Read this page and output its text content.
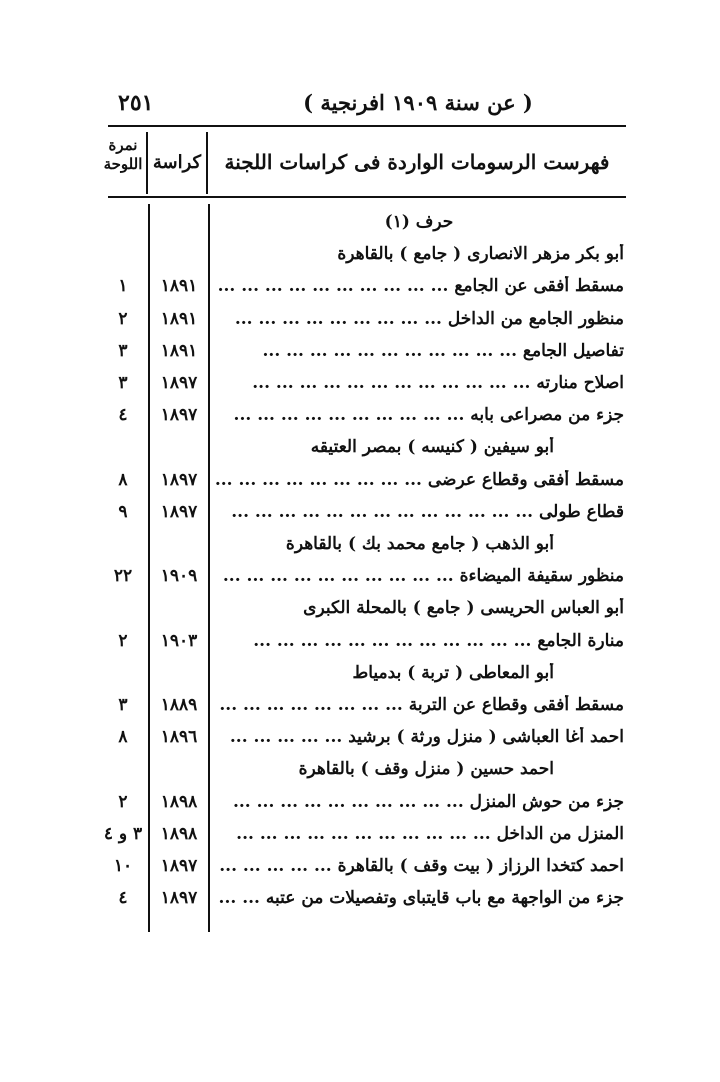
٢٥١	( عن سنة ١٩٠٩ افرنجية )
نمرة اللوحة كراسة	فهرست الرسومات الواردة فى كراسات اللجنة
حرف (١)
أبو بكر مزهر الانصارى ( جامع ) بالقاهرة
مسقط أفقى عن الجامع ... ... ... ... ... ... ... ... ... ...
١٨٩١
١
منظور الجامع من الداخل ... ... ... ... ... ... ... ... ...
١٨٩١
٢
تفاصيل الجامع ... ... ... ... ... ... ... ... ... ... ...
١٨٩١
٣
اصلاح منارته ... ... ... ... ... ... ... ... ... ... ... ...
١٨٩٧
٣
جزء من مصراعى بابه ... ... ... ... ... ... ... ... ... ...
١٨٩٧
٤
أبو سيفين ( كنيسه ) بمصر العتيقه
مسقط أفقى وقطاع عرضى ... ... ... ... ... ... ... ... ...
١٨٩٧
٨
قطاع طولى ... ... ... ... ... ... ... ... ... ... ... ... ...
١٨٩٧
٩
أبو الذهب ( جامع محمد بك ) بالقاهرة
منظور سقيفة الميضاءة ... ... ... ... ... ... ... ... ... ...
١٩٠٩
٢٢
أبو العباس الحريسى ( جامع ) بالمحلة الكبرى
منارة الجامع ... ... ... ... ... ... ... ... ... ... ... ...
١٩٠٣
٢
أبو المعاطى ( تربة ) بدمياط
مسقط أفقى وقطاع عن التربة ... ... ... ... ... ... ... ...
١٨٨٩
٣
احمد أغا العباشى ( منزل ورثة ) برشيد ... ... ... ... ...
١٨٩٦
٨
احمد حسين ( منزل وقف ) بالقاهرة
جزء من حوش المنزل ... ... ... ... ... ... ... ... ... ...
١٨٩٨
٢
المنزل من الداخل ... ... ... ... ... ... ... ... ... ... ...
١٨٩٨
٣ و ٤
احمد كتخدا الرزاز ( بيت وقف ) بالقاهرة ... ... ... ... ...
١٨٩٧
١٠
جزء من الواجهة مع باب قايتباى وتفصيلات من عتبه ... ...
١٨٩٧
٤
